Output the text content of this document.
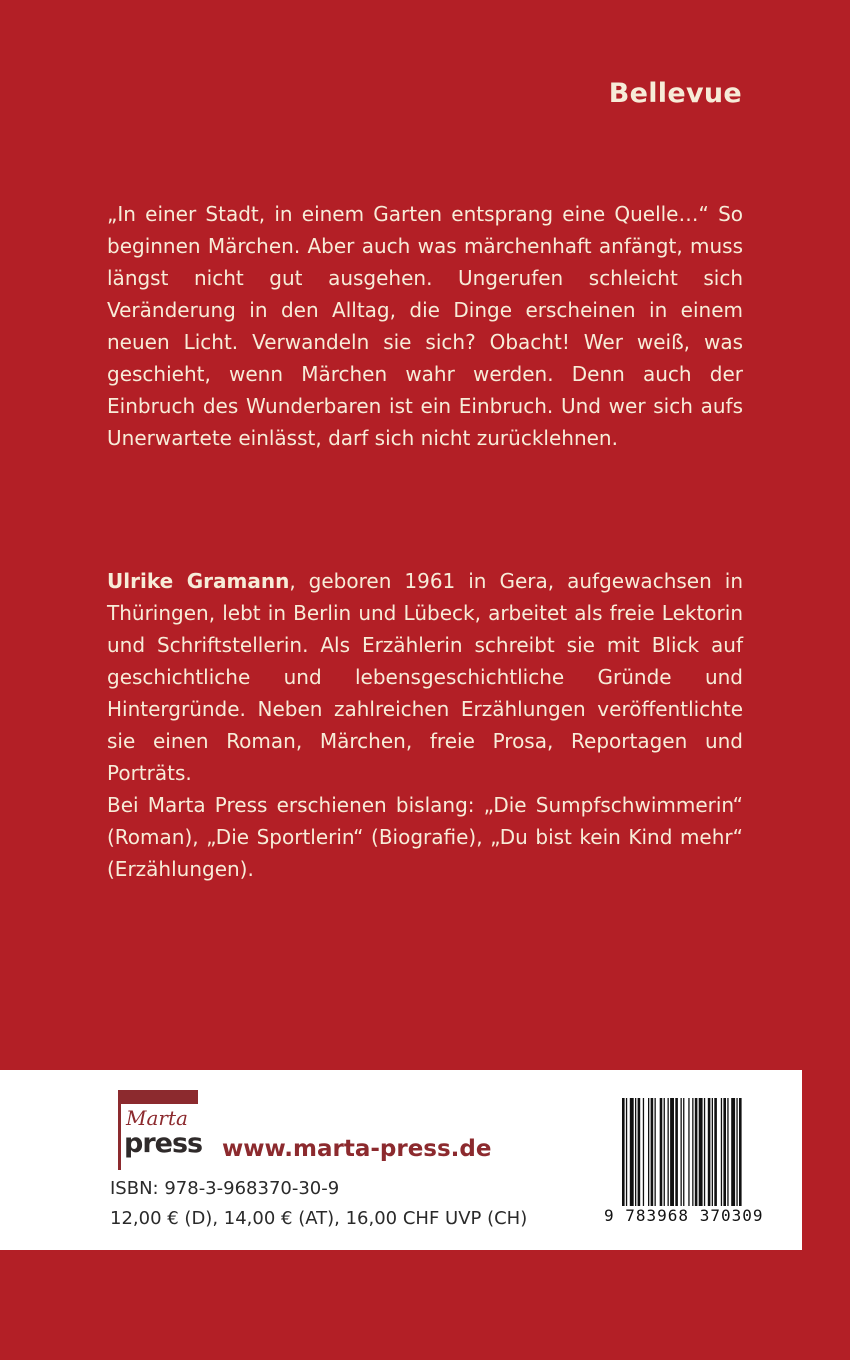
Bellevue
„In einer Stadt, in einem Garten entsprang eine Quelle…“ So beginnen Märchen. Aber auch was märchenhaft anfängt, muss längst nicht gut ausgehen. Ungerufen schleicht sich Veränderung in den Alltag, die Dinge erscheinen in einem neuen Licht. Verwandeln sie sich? Obacht! Wer weiß, was geschieht, wenn Märchen wahr werden. Denn auch der Einbruch des Wunderbaren ist ein Einbruch. Und wer sich aufs Unerwartete einlässt, darf sich nicht zurücklehnen.

Ulrike Gramann, geboren 1961 in Gera, aufgewachsen in Thüringen, lebt in Berlin und Lübeck, arbeitet als freie Lektorin und Schriftstellerin. Als Erzählerin schreibt sie mit Blick auf geschichtliche und lebensgeschichtliche Gründe und Hintergründe. Neben zahlreichen Erzählungen veröffentlichte sie einen Roman, Märchen, freie Prosa, Reportagen und Porträts.

Bei Marta Press erschienen bislang: „Die Sumpfschwimmerin“ (Roman), „Die Sportlerin“ (Biografie), „Du bist kein Kind mehr“ (Erzählungen).

Marta
press www.marta-press.de
ISBN: 978-3-968370-30-9
12,00 € (D), 14,00 € (AT), 16,00 CHF UVP (CH)	9 783968 370309
